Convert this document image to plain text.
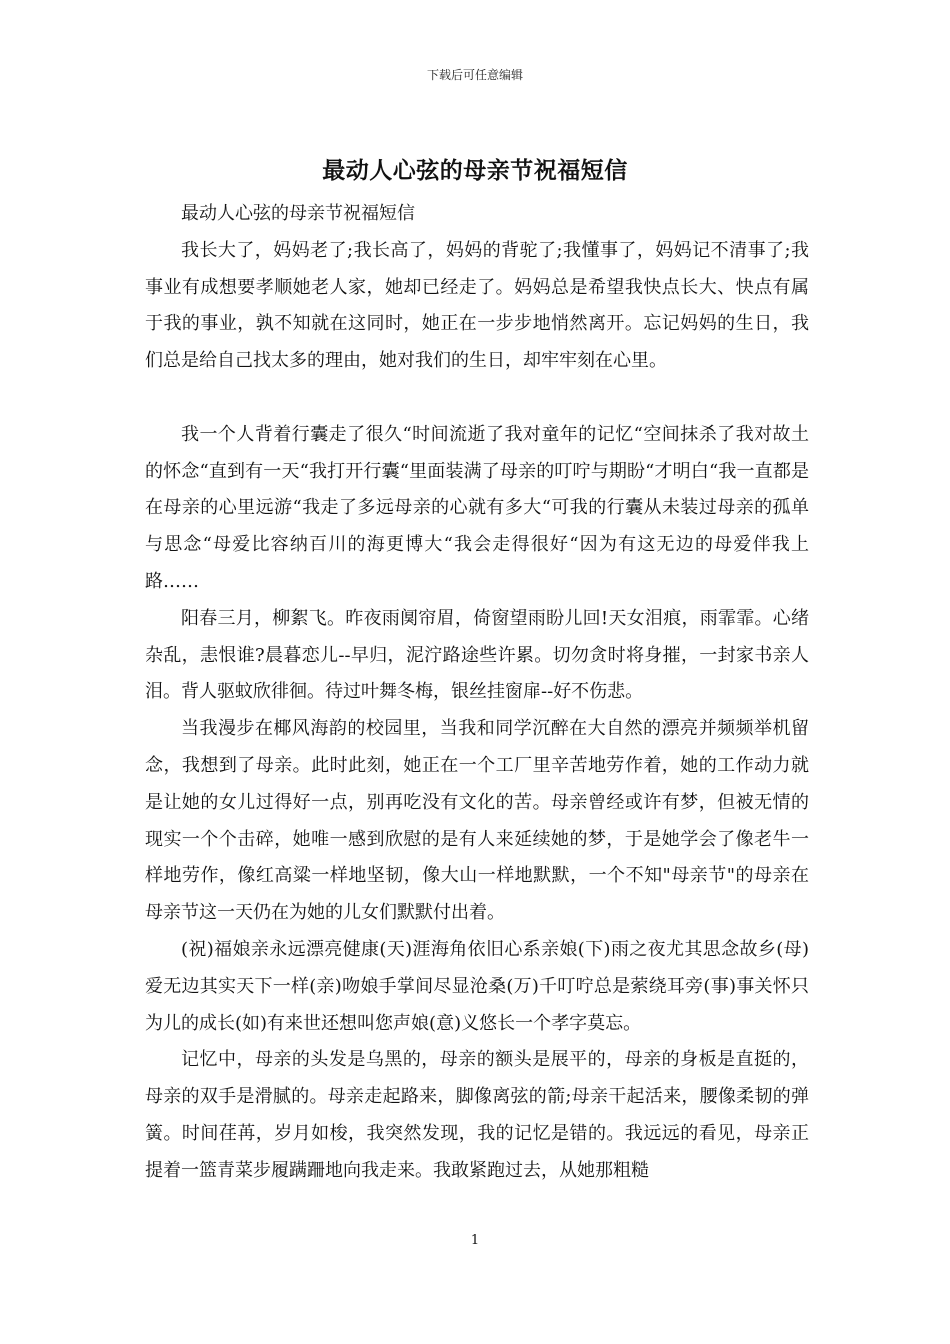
下载后可任意编辑
最动人心弦的母亲节祝福短信

最动人心弦的母亲节祝福短信

我长大了，妈妈老了;我长高了，妈妈的背驼了;我懂事了，妈妈记不清事了;我事业有成想要孝顺她老人家，她却已经走了。妈妈总是希望我快点长大、快点有属于我的事业，孰不知就在这同时，她正在一步步地悄然离开。忘记妈妈的生日，我们总是给自己找太多的理由，她对我们的生日，却牢牢刻在心里。

我一个人背着行囊走了很久“时间流逝了我对童年的记忆“空间抹杀了我对故土的怀念“直到有一天“我打开行囊“里面装满了母亲的叮咛与期盼“才明白“我一直都是在母亲的心里远游“我走了多远母亲的心就有多大“可我的行囊从未装过母亲的孤单与思念“母爱比容纳百川的海更博大“我会走得很好“因为有这无边的母爱伴我上路……

阳春三月，柳絮飞。昨夜雨阒帘眉，倚窗望雨盼儿回!天女泪痕，雨霏霏。心绪杂乱，恚恨谁?晨暮恋儿--早归，泥泞路途些许累。切勿贪时将身摧，一封家书亲人泪。背人驱蚊欣徘徊。待过叶舞冬梅，银丝挂窗扉--好不伤悲。

当我漫步在椰风海韵的校园里，当我和同学沉醉在大自然的漂亮并频频举机留念，我想到了母亲。此时此刻，她正在一个工厂里辛苦地劳作着，她的工作动力就是让她的女儿过得好一点，别再吃没有文化的苦。母亲曾经或许有梦，但被无情的现实一个个击碎，她唯一感到欣慰的是有人来延续她的梦，于是她学会了像老牛一样地劳作，像红高粱一样地坚韧，像大山一样地默默，一个不知"母亲节"的母亲在母亲节这一天仍在为她的儿女们默默付出着。

(祝)福娘亲永远漂亮健康(天)涯海角依旧心系亲娘(下)雨之夜尤其思念故乡(母)爱无边其实天下一样(亲)吻娘手掌间尽显沧桑(万)千叮咛总是萦绕耳旁(事)事关怀只为儿的成长(如)有来世还想叫您声娘(意)义悠长一个孝字莫忘。

记忆中，母亲的头发是乌黑的，母亲的额头是展平的，母亲的身板是直挺的，母亲的双手是滑腻的。母亲走起路来，脚像离弦的箭;母亲干起活来，腰像柔韧的弹簧。时间荏苒，岁月如梭，我突然发现，我的记忆是错的。我远远的看见，母亲正提着一篮青菜步履蹒跚地向我走来。我敢紧跑过去，从她那粗糙

1
